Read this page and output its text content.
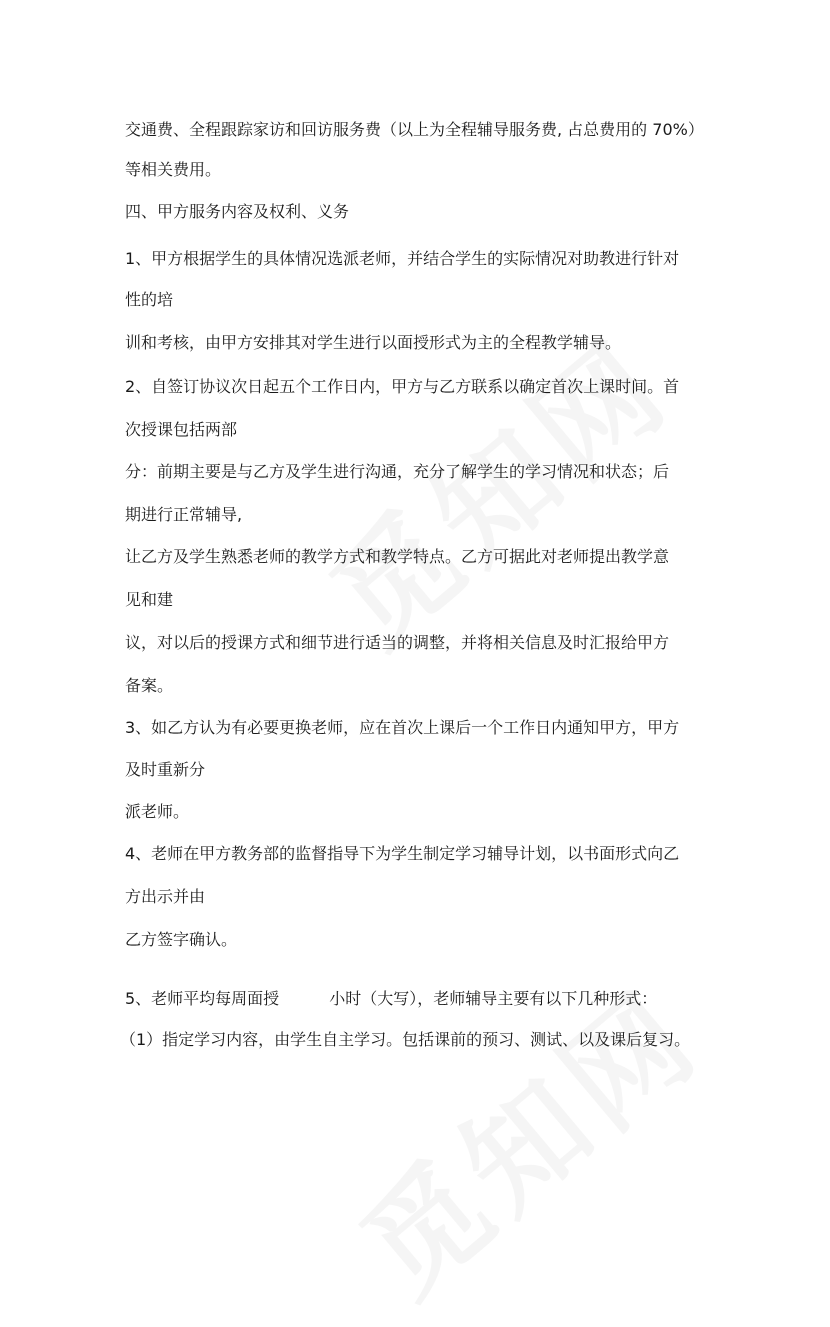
交通费、全程跟踪家访和回访服务费（以上为全程辅导服务费, 占总费用的 70%）
等相关费用。
四、甲方服务内容及权利、义务
1、甲方根据学生的具体情况选派老师，并结合学生的实际情况对助教进行针对
性的培
训和考核，由甲方安排其对学生进行以面授形式为主的全程教学辅导。
2、自签订协议次日起五个工作日内，甲方与乙方联系以确定首次上课时间。首
次授课包括两部
分：前期主要是与乙方及学生进行沟通，充分了解学生的学习情况和状态；后
期进行正常辅导,
让乙方及学生熟悉老师的教学方式和教学特点。乙方可据此对老师提出教学意
见和建
议，对以后的授课方式和细节进行适当的调整，并将相关信息及时汇报给甲方
备案。
3、如乙方认为有必要更换老师，应在首次上课后一个工作日内通知甲方，甲方
及时重新分
派老师。
4、老师在甲方教务部的监督指导下为学生制定学习辅导计划，以书面形式向乙
方出示并由
乙方签字确认。
5、老师平均每周面授	小时（大写），老师辅导主要有以下几种形式：
（1）指定学习内容，由学生自主学习。包括课前的预习、测试、以及课后复习。
